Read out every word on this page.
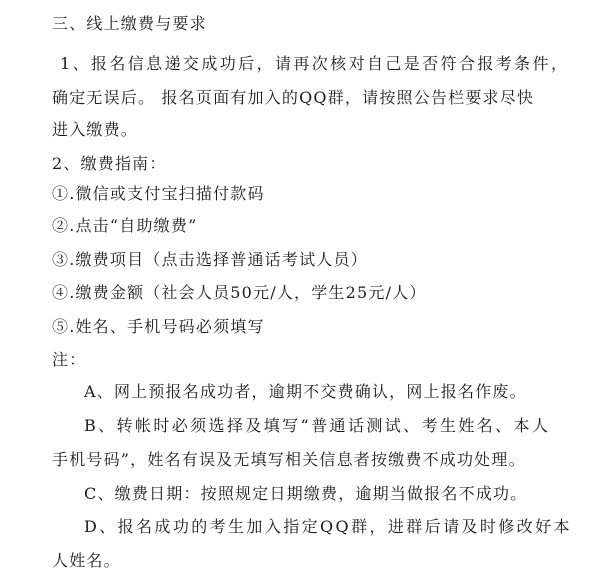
三、线上缴费与要求
1、报名信息递交成功后，请再次核对自己是否符合报考条件，
确定无误后。 报名页面有加入的QQ群，请按照公告栏要求尽快
进入缴费。
2、缴费指南：
①.微信或支付宝扫描付款码
②.点击“自助缴费”
③.缴费项目（点击选择普通话考试人员）
④.缴费金额（社会人员50元/人，学生25元/人）
⑤.姓名、手机号码必须填写
注：
A、网上预报名成功者，逾期不交费确认，网上报名作废。
B、转帐时必须选择及填写“普通话测试、考生姓名、本人
手机号码”，姓名有误及无填写相关信息者按缴费不成功处理。
C、缴费日期：按照规定日期缴费，逾期当做报名不成功。
D、报名成功的考生加入指定QQ群，进群后请及时修改好本
人姓名。
